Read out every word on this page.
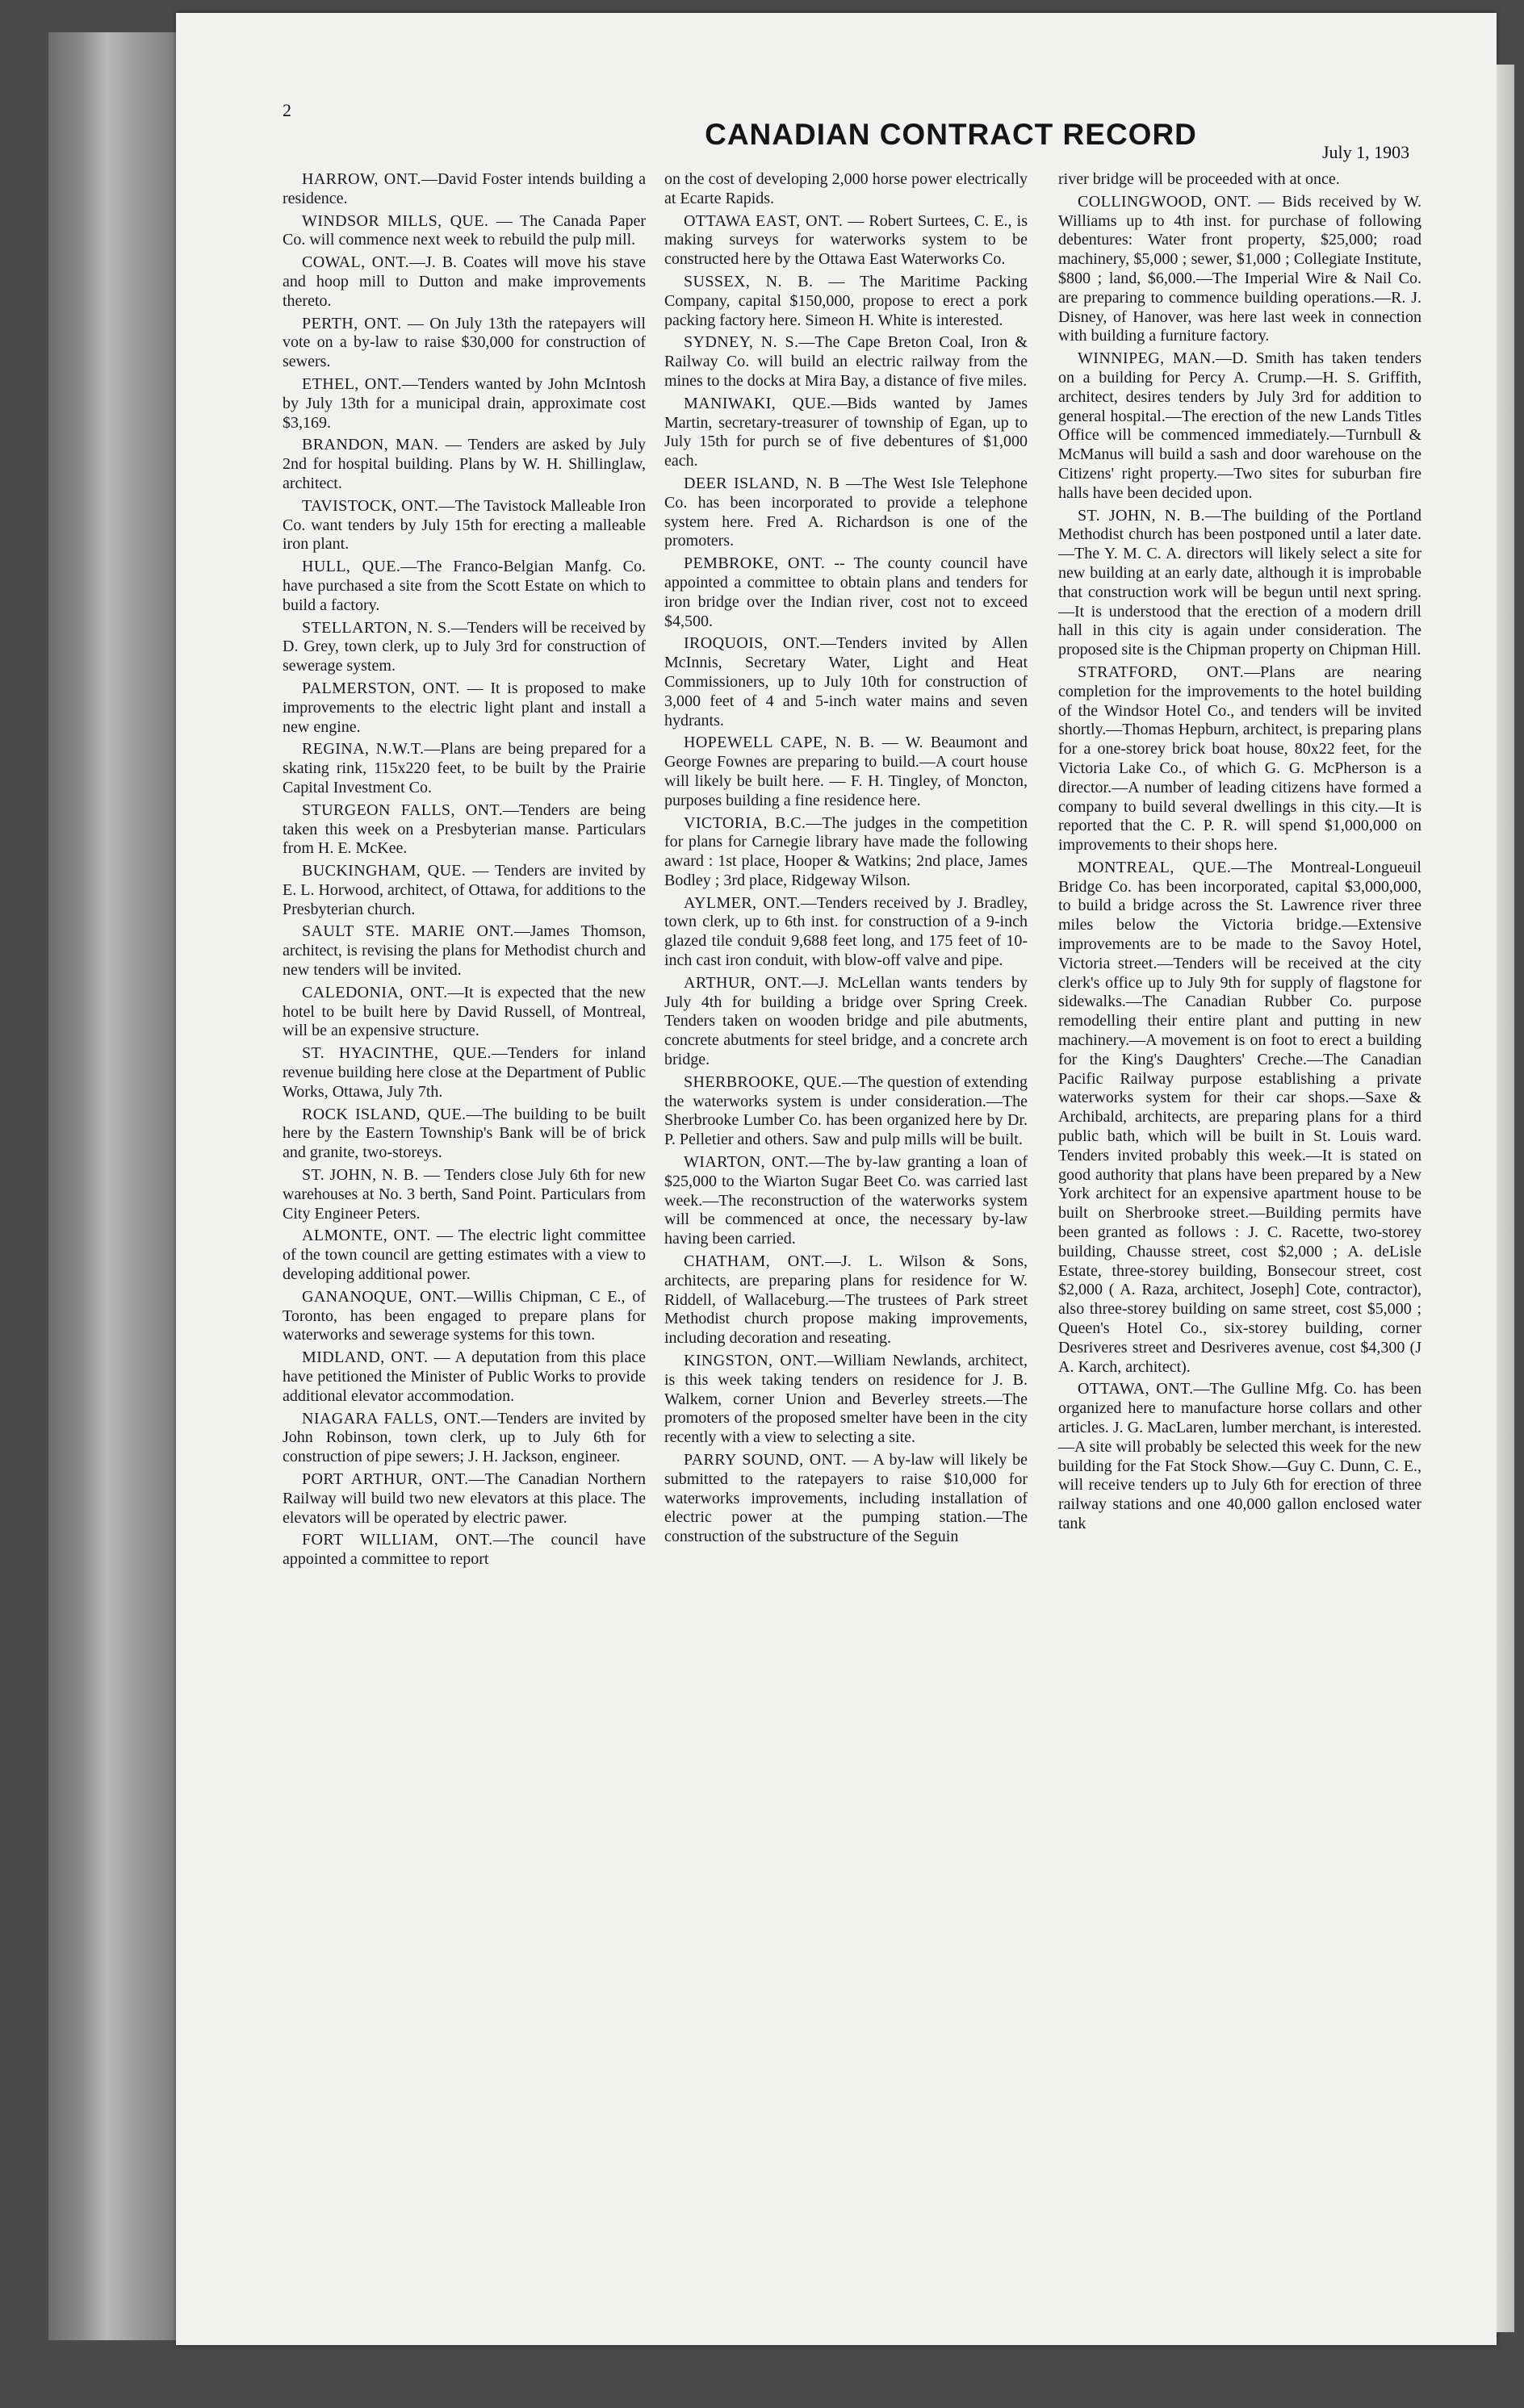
2
CANADIAN CONTRACT RECORD
July 1, 1903

HARROW, ONT.—David Foster intends building a residence.

WINDSOR MILLS, QUE. — The Canada Paper Co. will commence next week to rebuild the pulp mill.

COWAL, ONT.—J. B. Coates will move his stave and hoop mill to Dutton and make improvements thereto.

PERTH, ONT. — On July 13th the ratepayers will vote on a by-law to raise $30,000 for construction of sewers.

ETHEL, ONT.—Tenders wanted by John McIntosh by July 13th for a municipal drain, approximate cost $3,169.

BRANDON, MAN. — Tenders are asked by July 2nd for hospital building. Plans by W. H. Shillinglaw, architect.

TAVISTOCK, ONT.—The Tavistock Malleable Iron Co. want tenders by July 15th for erecting a malleable iron plant.

HULL, QUE.—The Franco-Belgian Manfg. Co. have purchased a site from the Scott Estate on which to build a factory.

STELLARTON, N. S.—Tenders will be received by D. Grey, town clerk, up to July 3rd for construction of sewerage system.

PALMERSTON, ONT. — It is proposed to make improvements to the electric light plant and install a new engine.

REGINA, N.W.T.—Plans are being prepared for a skating rink, 115x220 feet, to be built by the Prairie Capital Investment Co.

STURGEON FALLS, ONT.—Tenders are being taken this week on a Presbyterian manse. Particulars from H. E. McKee.

BUCKINGHAM, QUE. — Tenders are invited by E. L. Horwood, architect, of Ottawa, for additions to the Presbyterian church.

SAULT STE. MARIE ONT.—James Thomson, architect, is revising the plans for Methodist church and new tenders will be invited.

CALEDONIA, ONT.—It is expected that the new hotel to be built here by David Russell, of Montreal, will be an expensive structure.

ST. HYACINTHE, QUE.—Tenders for inland revenue building here close at the Department of Public Works, Ottawa, July 7th.

ROCK ISLAND, QUE.—The building to be built here by the Eastern Township's Bank will be of brick and granite, two-storeys.

ST. JOHN, N. B. — Tenders close July 6th for new warehouses at No. 3 berth, Sand Point. Particulars from City Engineer Peters.

ALMONTE, ONT. — The electric light committee of the town council are getting estimates with a view to developing additional power.

GANANOQUE, ONT.—Willis Chipman, C E., of Toronto, has been engaged to prepare plans for waterworks and sewerage systems for this town.

MIDLAND, ONT. — A deputation from this place have petitioned the Minister of Public Works to provide additional elevator accommodation.

NIAGARA FALLS, ONT.—Tenders are invited by John Robinson, town clerk, up to July 6th for construction of pipe sewers; J. H. Jackson, engineer.

PORT ARTHUR, ONT.—The Canadian Northern Railway will build two new elevators at this place. The elevators will be operated by electric pawer.

FORT WILLIAM, ONT.—The council have appointed a committee to report

on the cost of developing 2,000 horse power electrically at Ecarte Rapids.

OTTAWA EAST, ONT. — Robert Surtees, C. E., is making surveys for waterworks system to be constructed here by the Ottawa East Waterworks Co.

SUSSEX, N. B. — The Maritime Packing Company, capital $150,000, propose to erect a pork packing factory here. Simeon H. White is interested.

SYDNEY, N. S.—The Cape Breton Coal, Iron & Railway Co. will build an electric railway from the mines to the docks at Mira Bay, a distance of five miles.

MANIWAKI, QUE.—Bids wanted by James Martin, secretary-treasurer of township of Egan, up to July 15th for purch se of five debentures of $1,000 each.

DEER ISLAND, N. B —The West Isle Telephone Co. has been incorporated to provide a telephone system here. Fred A. Richardson is one of the promoters.

PEMBROKE, ONT. -- The county council have appointed a committee to obtain plans and tenders for iron bridge over the Indian river, cost not to exceed $4,500.

IROQUOIS, ONT.—Tenders invited by Allen McInnis, Secretary Water, Light and Heat Commissioners, up to July 10th for construction of 3,000 feet of 4 and 5-inch water mains and seven hydrants.

HOPEWELL CAPE, N. B. — W. Beaumont and George Fownes are preparing to build.—A court house will likely be built here. — F. H. Tingley, of Moncton, purposes building a fine residence here.

VICTORIA, B.C.—The judges in the competition for plans for Carnegie library have made the following award : 1st place, Hooper & Watkins; 2nd place, James Bodley ; 3rd place, Ridgeway Wilson.

AYLMER, ONT.—Tenders received by J. Bradley, town clerk, up to 6th inst. for construction of a 9-inch glazed tile conduit 9,688 feet long, and 175 feet of 10-inch cast iron conduit, with blow-off valve and pipe.

ARTHUR, ONT.—J. McLellan wants tenders by July 4th for building a bridge over Spring Creek. Tenders taken on wooden bridge and pile abutments, concrete abutments for steel bridge, and a concrete arch bridge.

SHERBROOKE, QUE.—The question of extending the waterworks system is under consideration.—The Sherbrooke Lumber Co. has been organized here by Dr. P. Pelletier and others. Saw and pulp mills will be built.

WIARTON, ONT.—The by-law granting a loan of $25,000 to the Wiarton Sugar Beet Co. was carried last week.—The reconstruction of the waterworks system will be commenced at once, the necessary by-law having been carried.

CHATHAM, ONT.—J. L. Wilson & Sons, architects, are preparing plans for residence for W. Riddell, of Wallaceburg.—The trustees of Park street Methodist church propose making improvements, including decoration and reseating.

KINGSTON, ONT.—William Newlands, architect, is this week taking tenders on residence for J. B. Walkem, corner Union and Beverley streets.—The promoters of the proposed smelter have been in the city recently with a view to selecting a site.

PARRY SOUND, ONT. — A by-law will likely be submitted to the ratepayers to raise $10,000 for waterworks improvements, including installation of electric power at the pumping station.—The construction of the substructure of the Seguin

river bridge will be proceeded with at once.

COLLINGWOOD, ONT. — Bids received by W. Williams up to 4th inst. for purchase of following debentures: Water front property, $25,000; road machinery, $5,000 ; sewer, $1,000 ; Collegiate Institute, $800 ; land, $6,000.—The Imperial Wire & Nail Co. are preparing to commence building operations.—R. J. Disney, of Hanover, was here last week in connection with building a furniture factory.

WINNIPEG, MAN.—D. Smith has taken tenders on a building for Percy A. Crump.—H. S. Griffith, architect, desires tenders by July 3rd for addition to general hospital.—The erection of the new Lands Titles Office will be commenced immediately.—Turnbull & McManus will build a sash and door warehouse on the Citizens' right property.—Two sites for suburban fire halls have been decided upon.

ST. JOHN, N. B.—The building of the Portland Methodist church has been postponed until a later date.—The Y. M. C. A. directors will likely select a site for new building at an early date, although it is improbable that construction work will be begun until next spring.—It is understood that the erection of a modern drill hall in this city is again under consideration. The proposed site is the Chipman property on Chipman Hill.

STRATFORD, ONT.—Plans are nearing completion for the improvements to the hotel building of the Windsor Hotel Co., and tenders will be invited shortly.—Thomas Hepburn, architect, is preparing plans for a one-storey brick boat house, 80x22 feet, for the Victoria Lake Co., of which G. G. McPherson is a director.—A number of leading citizens have formed a company to build several dwellings in this city.—It is reported that the C. P. R. will spend $1,000,000 on improvements to their shops here.

MONTREAL, QUE.—The Montreal-Longueuil Bridge Co. has been incorporated, capital $3,000,000, to build a bridge across the St. Lawrence river three miles below the Victoria bridge.—Extensive improvements are to be made to the Savoy Hotel, Victoria street.—Tenders will be received at the city clerk's office up to July 9th for supply of flagstone for sidewalks.—The Canadian Rubber Co. purpose remodelling their entire plant and putting in new machinery.—A movement is on foot to erect a building for the King's Daughters' Creche.—The Canadian Pacific Railway purpose establishing a private waterworks system for their car shops.—Saxe & Archibald, architects, are preparing plans for a third public bath, which will be built in St. Louis ward. Tenders invited probably this week.—It is stated on good authority that plans have been prepared by a New York architect for an expensive apartment house to be built on Sherbrooke street.—Building permits have been granted as follows : J. C. Racette, two-storey building, Chausse street, cost $2,000 ; A. deLisle Estate, three-storey building, Bonsecour street, cost $2,000 ( A. Raza, architect, Joseph] Cote, contractor), also three-storey building on same street, cost $5,000 ; Queen's Hotel Co., six-storey building, corner Desriveres street and Desriveres avenue, cost $4,300 (J A. Karch, architect).

OTTAWA, ONT.—The Gulline Mfg. Co. has been organized here to manufacture horse collars and other articles. J. G. MacLaren, lumber merchant, is interested.—A site will probably be selected this week for the new building for the Fat Stock Show.—Guy C. Dunn, C. E., will receive tenders up to July 6th for erection of three railway stations and one 40,000 gallon enclosed water tank
